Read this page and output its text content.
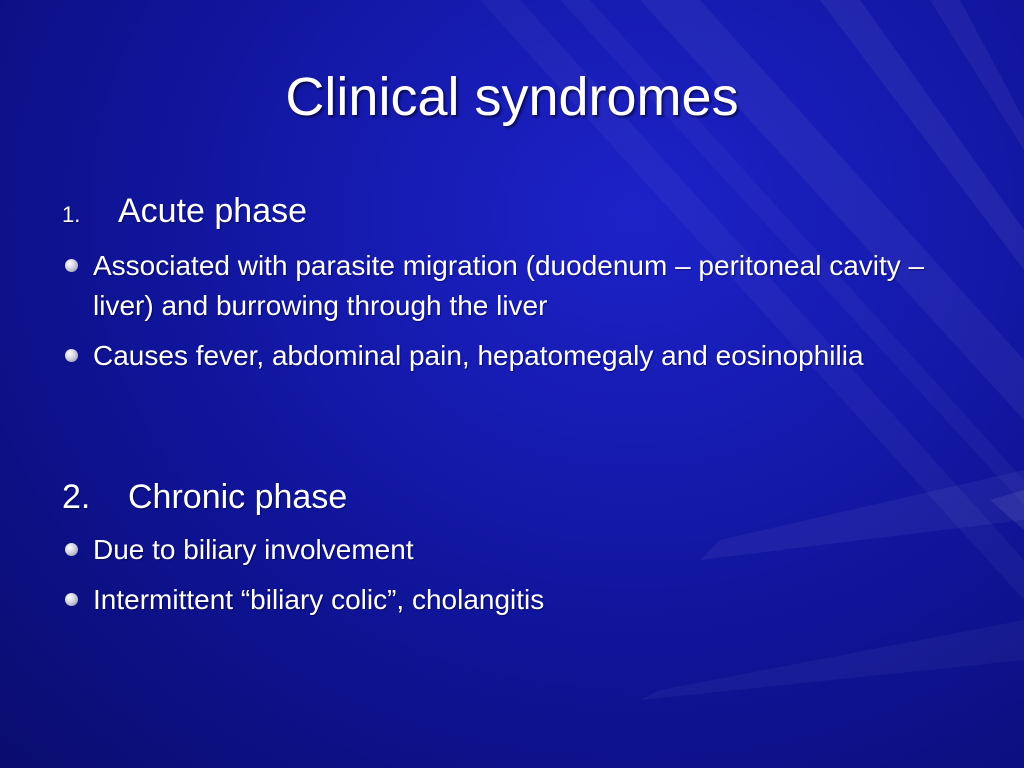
Clinical syndromes
1. Acute phase
Associated with parasite migration (duodenum – peritoneal cavity – liver) and burrowing through the liver
Causes fever, abdominal pain, hepatomegaly and eosinophilia
2. Chronic phase
Due to biliary involvement
Intermittent “biliary colic”, cholangitis
